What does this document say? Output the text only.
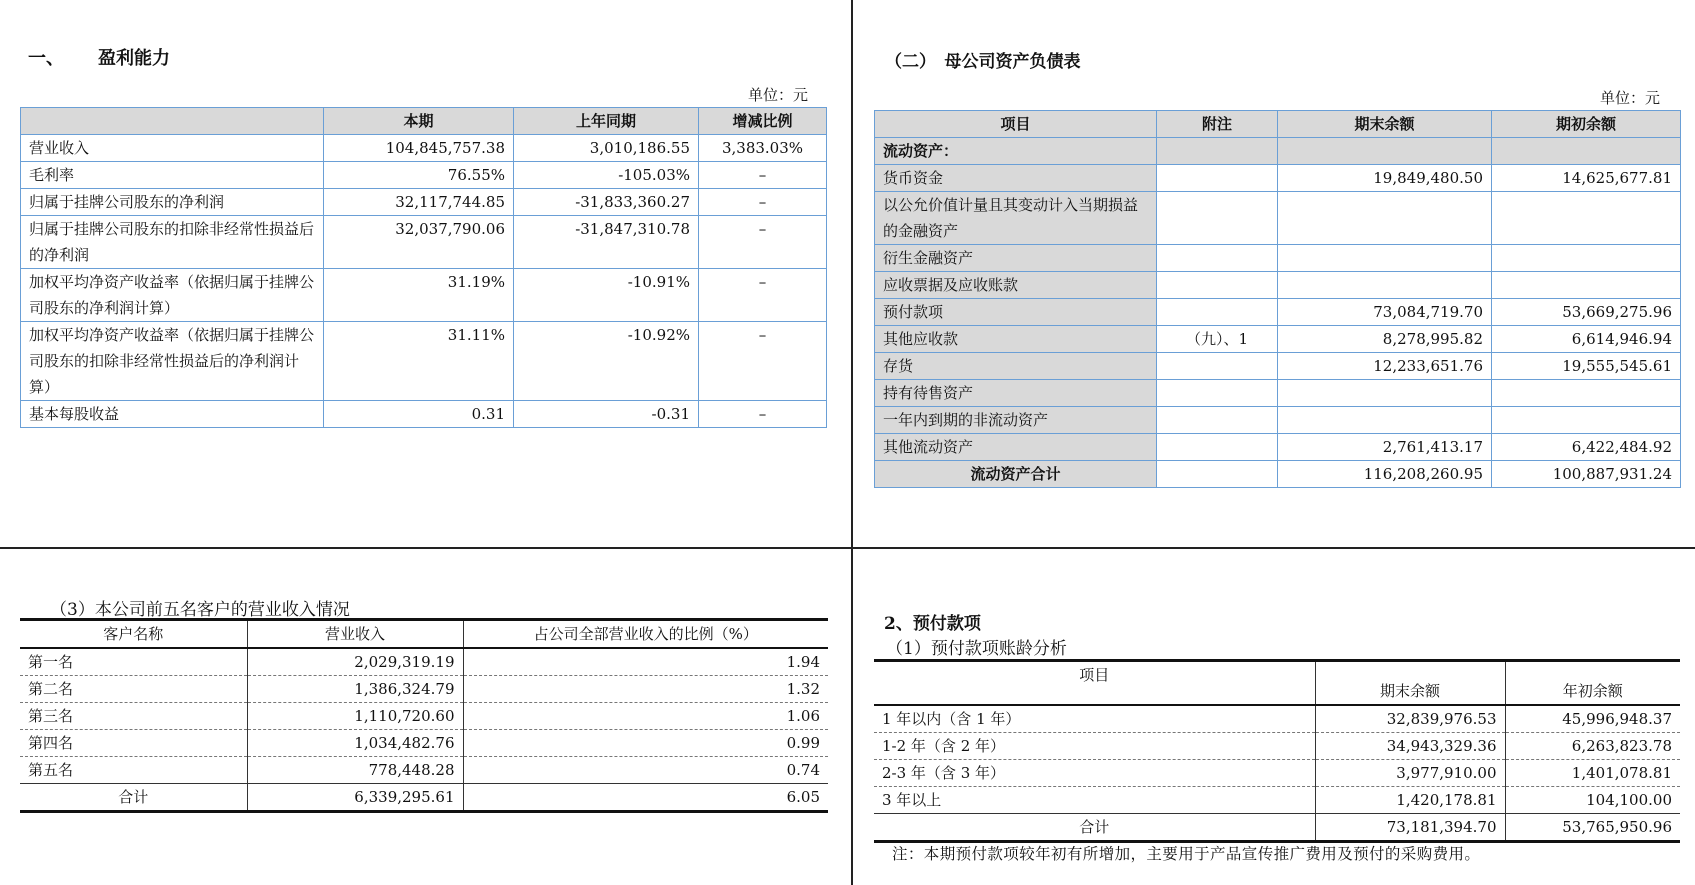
一、 盈利能力
单位：元
	本期	上年同期	增减比例
营业收入	104,845,757.38	3,010,186.55	3,383.03%
毛利率	76.55%	-105.03%	–
归属于挂牌公司股东的净利润	32,117,744.85	-31,833,360.27	–
归属于挂牌公司股东的扣除非经常性损益后的净利润	32,037,790.06	-31,847,310.78	–
加权平均净资产收益率（依据归属于挂牌公司股东的净利润计算）	31.19%	-10.91%	–
加权平均净资产收益率（依据归属于挂牌公司股东的扣除非经常性损益后的净利润计算）	31.11%	-10.92%	–
基本每股收益	0.31	-0.31	–
（二）　母公司资产负债表
单位：元
项目	附注	期末余额	期初余额
流动资产：			
货币资金		19,849,480.50	14,625,677.81
以公允价值计量且其变动计入当期损益的金融资产			
衍生金融资产			
应收票据及应收账款			
预付款项		73,084,719.70	53,669,275.96
其他应收款	（九）、1	8,278,995.82	6,614,946.94
存货		12,233,651.76	19,555,545.61
持有待售资产			
一年内到期的非流动资产			
其他流动资产		2,761,413.17	6,422,484.92
流动资产合计		116,208,260.95	100,887,931.24
（3）本公司前五名客户的营业收入情况
客户名称	营业收入	占公司全部营业收入的比例（%）
第一名	2,029,319.19	1.94
第二名	1,386,324.79	1.32
第三名	1,110,720.60	1.06
第四名	1,034,482.76	0.99
第五名	778,448.28	0.74
合计	6,339,295.61	6.05
2、预付款项
（1）预付款项账龄分析
项目	期末余额	年初余额
1 年以内（含 1 年）	32,839,976.53	45,996,948.37
1-2 年（含 2 年）	34,943,329.36	6,263,823.78
2-3 年（含 3 年）	3,977,910.00	1,401,078.81
3 年以上	1,420,178.81	104,100.00
合计	73,181,394.70	53,765,950.96
注：本期预付款项较年初有所增加，主要用于产品宣传推广费用及预付的采购费用。
